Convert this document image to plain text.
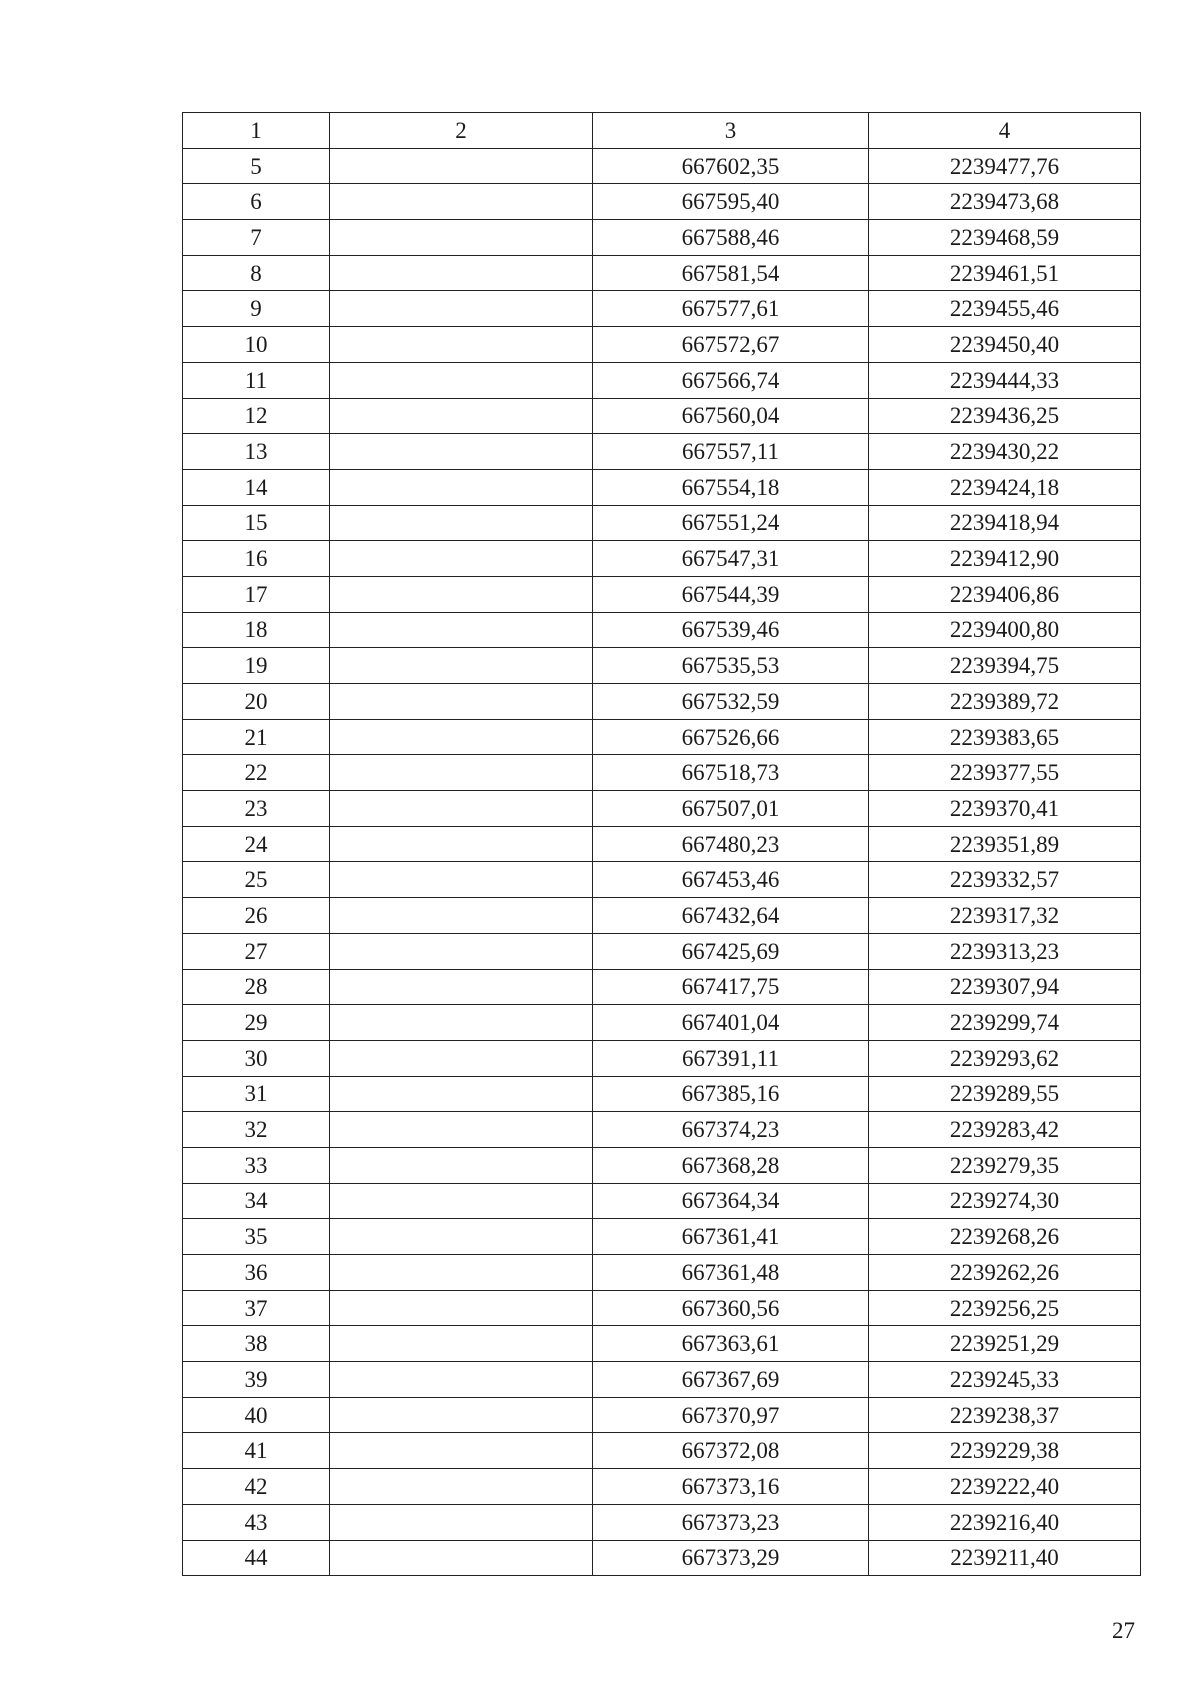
1	2	3	4
5		667602,35	2239477,76
6		667595,40	2239473,68
7		667588,46	2239468,59
8		667581,54	2239461,51
9		667577,61	2239455,46
10		667572,67	2239450,40
11		667566,74	2239444,33
12		667560,04	2239436,25
13		667557,11	2239430,22
14		667554,18	2239424,18
15		667551,24	2239418,94
16		667547,31	2239412,90
17		667544,39	2239406,86
18		667539,46	2239400,80
19		667535,53	2239394,75
20		667532,59	2239389,72
21		667526,66	2239383,65
22		667518,73	2239377,55
23		667507,01	2239370,41
24		667480,23	2239351,89
25		667453,46	2239332,57
26		667432,64	2239317,32
27		667425,69	2239313,23
28		667417,75	2239307,94
29		667401,04	2239299,74
30		667391,11	2239293,62
31		667385,16	2239289,55
32		667374,23	2239283,42
33		667368,28	2239279,35
34		667364,34	2239274,30
35		667361,41	2239268,26
36		667361,48	2239262,26
37		667360,56	2239256,25
38		667363,61	2239251,29
39		667367,69	2239245,33
40		667370,97	2239238,37
41		667372,08	2239229,38
42		667373,16	2239222,40
43		667373,23	2239216,40
44		667373,29	2239211,40
27
